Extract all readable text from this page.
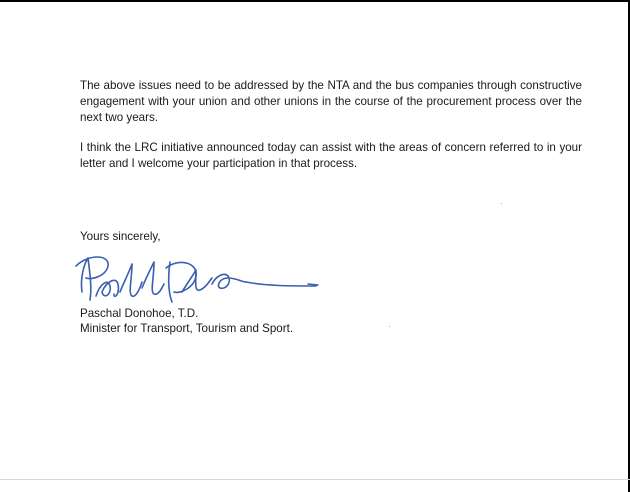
The above issues need to be addressed by the NTA and the bus companies through constructive engagement with your union and other unions in the course of the procurement process over the next two years.

I think the LRC initiative announced today can assist with the areas of concern referred to in your letter and I welcome your participation in that process.

Yours sincerely,
Paschal Donohoe, T.D.
Minister for Transport, Tourism and Sport.
